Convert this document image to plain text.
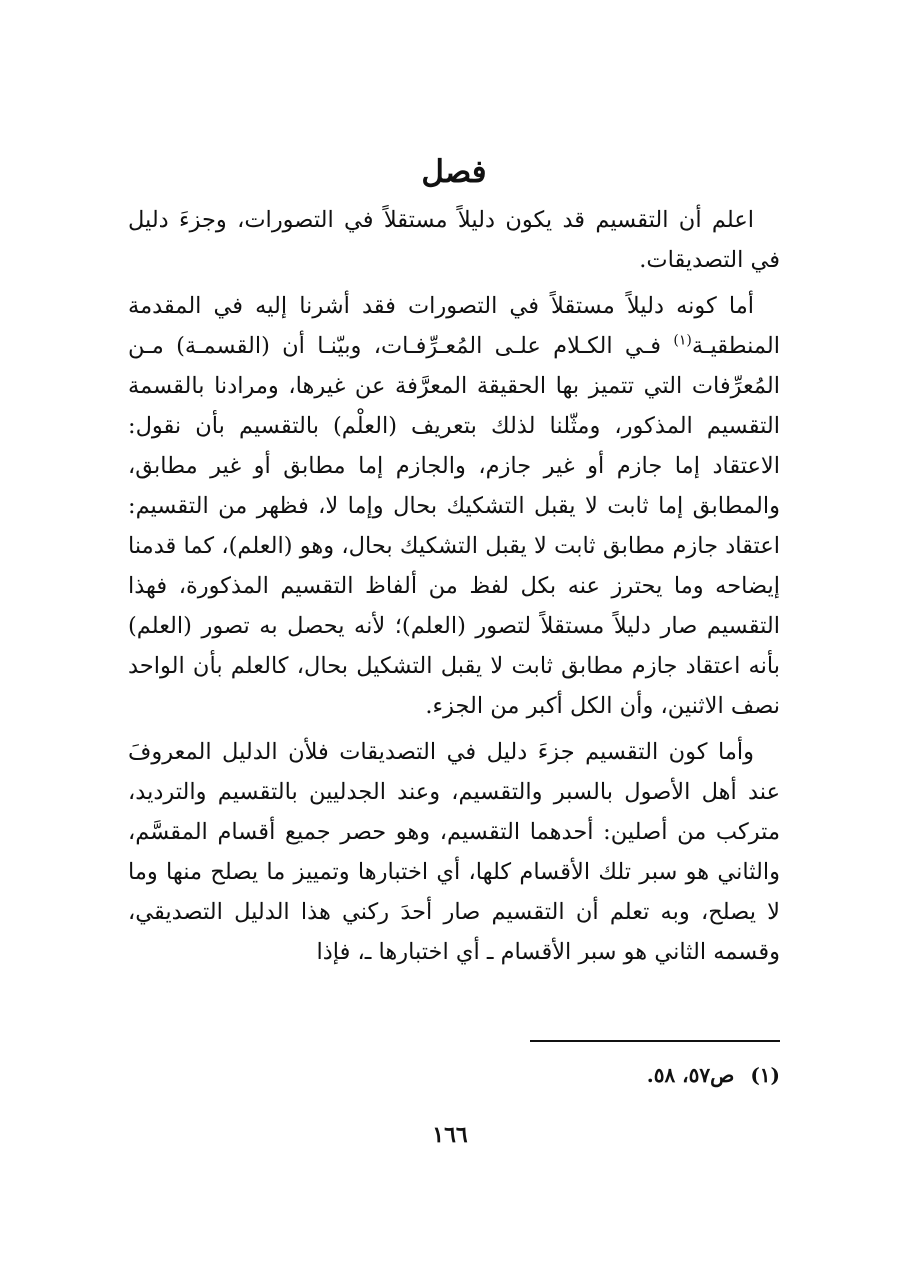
فصل

اعلم أن التقسيم قد يكون دليلاً مستقلاً في التصورات، وجزءَ دليل في التصديقات.

أما كونه دليلاً مستقلاً في التصورات فقد أشرنا إليه في المقدمة المنطقيـة$^{(١)}$ فـي الكـلام علـى المُعـرِّفـات، وبيّنـا أن (القسمـة) مـن المُعرِّفات التي تتميز بها الحقيقة المعرَّفة عن غيرها، ومرادنا بالقسمة التقسيم المذكور، ومثّلنا لذلك بتعريف (العلْم) بالتقسيم بأن نقول: الاعتقاد إما جازم أو غير جازم، والجازم إما مطابق أو غير مطابق، والمطابق إما ثابت لا يقبل التشكيك بحال وإما لا، فظهر من التقسيم: اعتقاد جازم مطابق ثابت لا يقبل التشكيك بحال، وهو (العلم)، كما قدمنا إيضاحه وما يحترز عنه بكل لفظ من ألفاظ التقسيم المذكورة، فهذا التقسيم صار دليلاً مستقلاً لتصور (العلم)؛ لأنه يحصل به تصور (العلم) بأنه اعتقاد جازم مطابق ثابت لا يقبل التشكيل بحال، كالعلم بأن الواحد نصف الاثنين، وأن الكل أكبر من الجزء.

وأما كون التقسيم جزءَ دليل في التصديقات فلأن الدليل المعروفَ عند أهل الأصول بالسبر والتقسيم، وعند الجدليين بالتقسيم والترديد، متركب من أصلين: أحدهما التقسيم، وهو حصر جميع أقسام المقسَّم، والثاني هو سبر تلك الأقسام كلها، أي اختبارها وتمييز ما يصلح منها وما لا يصلح، وبه تعلم أن التقسيم صار أحدَ ركني هذا الدليل التصديقي، وقسمه الثاني هو سبر الأقسام ـ أي اختبارها ـ، فإذا

(١)ص٥٧، ٥٨.
١٦٦
